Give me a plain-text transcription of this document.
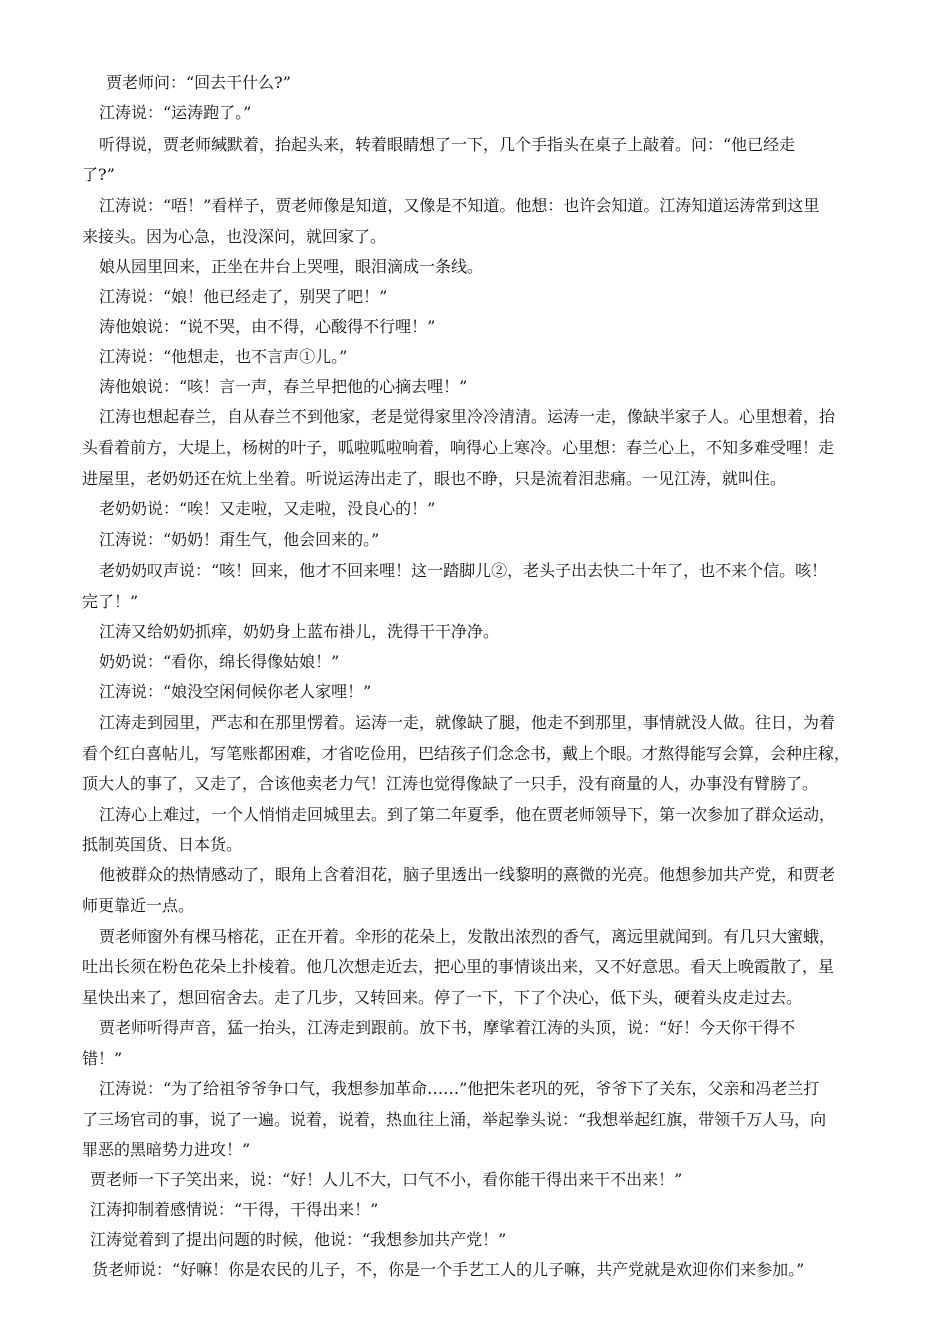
贾老师问：“回去干什么?”
江涛说：“运涛跑了。”
听得说，贾老师缄默着，抬起头来，转着眼睛想了一下，几个手指头在桌子上敲着。问：“他已经走
了?”
江涛说：“唔！”看样子，贾老师像是知道，又像是不知道。他想：也许会知道。江涛知道运涛常到这里
来接头。因为心急，也没深问，就回家了。
娘从园里回来，正坐在井台上哭哩，眼泪滴成一条线。
江涛说：“娘！他已经走了，别哭了吧！”
涛他娘说：“说不哭，由不得，心酸得不行哩！”
江涛说：“他想走，也不言声①儿。”
涛他娘说：“咳！言一声，春兰早把他的心摘去哩！”
江涛也想起春兰，自从春兰不到他家，老是觉得家里冷冷清清。运涛一走，像缺半家子人。心里想着，抬
头看着前方，大堤上，杨树的叶子，呱啦呱啦响着，响得心上寒冷。心里想：春兰心上，不知多难受哩！走
进屋里，老奶奶还在炕上坐着。听说运涛出走了，眼也不睁，只是流着泪悲痛。一见江涛，就叫住。
老奶奶说：“唉！又走啦，又走啦，没良心的！”
江涛说：“奶奶！甭生气，他会回来的。”
老奶奶叹声说：“咳！回来，他才不回来哩！这一踏脚儿②，老头子出去快二十年了，也不来个信。咳！
完了！”
江涛又给奶奶抓痒，奶奶身上蓝布褂儿，洗得干干净净。
奶奶说：“看你，绵长得像姑娘！”
江涛说：“娘没空闲伺候你老人家哩！”
江涛走到园里，严志和在那里愣着。运涛一走，就像缺了腿，他走不到那里，事情就没人做。往日，为着
看个红白喜帖儿，写笔账都困难，才省吃俭用，巴结孩子们念念书，戴上个眼。才熬得能写会算，会种庄稼，
顶大人的事了，又走了，合该他卖老力气！江涛也觉得像缺了一只手，没有商量的人，办事没有臂膀了。
江涛心上难过，一个人悄悄走回城里去。到了第二年夏季，他在贾老师领导下，第一次参加了群众运动，
抵制英国货、日本货。
他被群众的热情感动了，眼角上含着泪花，脑子里透出一线黎明的熹微的光亮。他想参加共产党，和贾老
师更靠近一点。
贾老师窗外有棵马榕花，正在开着。伞形的花朵上，发散出浓烈的香气，离远里就闻到。有几只大蜜蛾，
吐出长须在粉色花朵上扑棱着。他几次想走近去，把心里的事情谈出来，又不好意思。看天上晚霞散了，星
星快出来了，想回宿舍去。走了几步，又转回来。停了一下，下了个决心，低下头，硬着头皮走过去。
贾老师听得声音，猛一抬头，江涛走到跟前。放下书，摩挲着江涛的头顶，说：“好！今天你干得不
错！”
江涛说：“为了给祖爷爷争口气，我想参加革命……”他把朱老巩的死，爷爷下了关东，父亲和冯老兰打
了三场官司的事，说了一遍。说着，说着，热血往上涌，举起拳头说：“我想举起红旗，带领千万人马，向
罪恶的黑暗势力进攻！”
贾老师一下子笑出来，说：“好！人儿不大，口气不小，看你能干得出来干不出来！”
江涛抑制着感情说：“干得，干得出来！”
江涛觉着到了提出问题的时候，他说：“我想参加共产党！”
货老师说：“好嘛！你是农民的儿子，不，你是一个手艺工人的儿子嘛，共产党就是欢迎你们来参加。”
